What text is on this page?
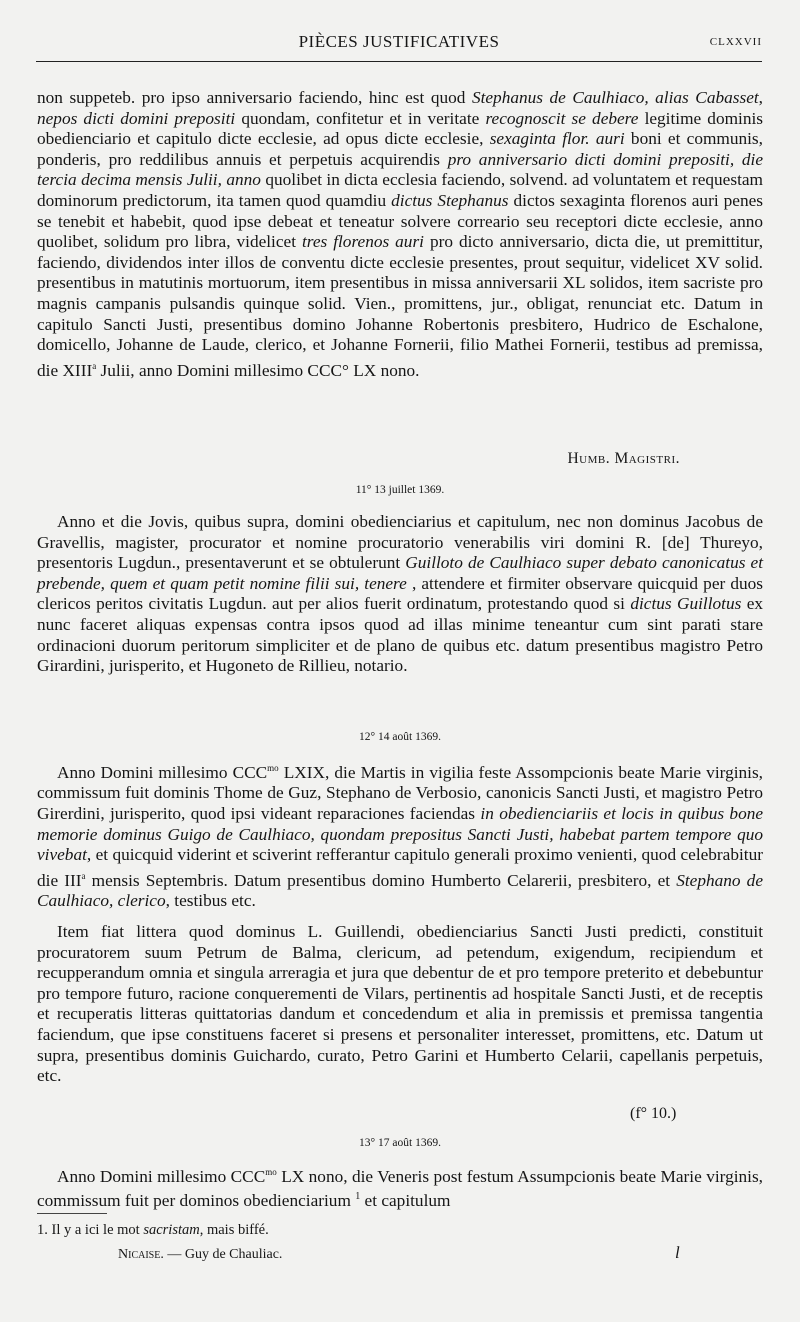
PIÈCES JUSTIFICATIVES	CLXXVII

non suppeteb. pro ipso anniversario faciendo, hinc est quod Stephanus de Caulhiaco, alias Cabasset, nepos dicti domini prepositi quondam, confitetur et in veritate recognoscit se debere legitime dominis obedienciario et capitulo dicte ecclesie, ad opus dicte ecclesie, sexaginta flor. auri boni et communis, ponderis, pro reddilibus annuis et perpetuis acquirendis pro anniversario dicti domini prepositi, die tercia decima mensis Julii, anno quolibet in dicta ecclesia faciendo, solvend. ad voluntatem et requestam dominorum predictorum, ita tamen quod quamdiu dictus Stephanus dictos sexaginta florenos auri penes se tenebit et habebit, quod ipse debeat et teneatur solvere correario seu receptori dicte ecclesie, anno quolibet, solidum pro libra, videlicet tres florenos auri pro dicto anniversario, dicta die, ut premittitur, faciendo, dividendos inter illos de conventu dicte ecclesie presentes, prout sequitur, videlicet XV solid. presentibus in matutinis mortuorum, item presentibus in missa anniversarii XL solidos, item sacriste pro magnis campanis pulsandis quinque solid. Vien., promittens, jur., obligat, renunciat etc. Datum in capitulo Sancti Justi, presentibus domino Johanne Robertonis presbitero, Hudrico de Eschalone, domicello, Johanne de Laude, clerico, et Johanne Fornerii, filio Mathei Fornerii, testibus ad premissa, die XIII$^a$ Julii, anno Domini millesimo CCC° LX nono.

Humb. Magistri.
11° 13 juillet 1369.

Anno et die Jovis, quibus supra, domini obedienciarius et capitulum, nec non dominus Jacobus de Gravellis, magister, procurator et nomine procuratorio venerabilis viri domini R. [de] Thureyo, presentoris Lugdun., presentaverunt et se obtulerunt Guilloto de Caulhiaco super debato canonicatus et prebende, quem et quam petit nomine filii sui, tenere , attendere et firmiter observare quicquid per duos clericos peritos civitatis Lugdun. aut per alios fuerit ordinatum, protestando quod si dictus Guillotus ex nunc faceret aliquas expensas contra ipsos quod ad illas minime teneantur cum sint parati stare ordinacioni duorum peritorum simpliciter et de plano de quibus etc. datum presentibus magistro Petro Girardini, jurisperito, et Hugoneto de Rillieu, notario.

12° 14 août 1369.

Anno Domini millesimo $CCC^{mo}$ LXIX, die Martis in vigilia feste Assompcionis beate Marie virginis, commissum fuit dominis Thome de Guz, Stephano de Verbosio, canonicis Sancti Justi, et magistro Petro Girerdini, jurisperito, quod ipsi videant reparaciones faciendas in obedienciariis et locis in quibus bone memorie dominus Guigo de Caulhiaco, quondam prepositus Sancti Justi, habebat partem tempore quo vivebat, et quicquid viderint et sciverint refferantur capitulo generali proximo venienti, quod celebrabitur die III$^a$ mensis Septembris. Datum presentibus domino Humberto Celarerii, presbitero, et Stephano de Caulhiaco, clerico, testibus etc.

Item fiat littera quod dominus L. Guillendi, obedienciarius Sancti Justi predicti, constituit procuratorem suum Petrum de Balma, clericum, ad petendum, exigendum, recipiendum et recupperandum omnia et singula arreragia et jura que debentur de et pro tempore preterito et debebuntur pro tempore futuro, racione conquerementi de Vilars, pertinentis ad hospitale Sancti Justi, et de receptis et recuperatis litteras quittatorias dandum et concedendum et alia in premissis et premissa tangentia faciendum, que ipse constituens faceret si presens et personaliter interesset, promittens, etc. Datum ut supra, presentibus dominis Guichardo, curato, Petro Garini et Humberto Celarii, capellanis perpetuis, etc.

(f° 10.)
13° 17 août 1369.

Anno Domini millesimo $CCC^{mo}$ LX nono, die Veneris post festum Assumpcionis beate Marie virginis, commissum fuit per dominos obedienciarium $^1$ et capitulum

1. Il y a ici le mot sacristam, mais biffé.
Nicaise. — Guy de Chauliac.	l
